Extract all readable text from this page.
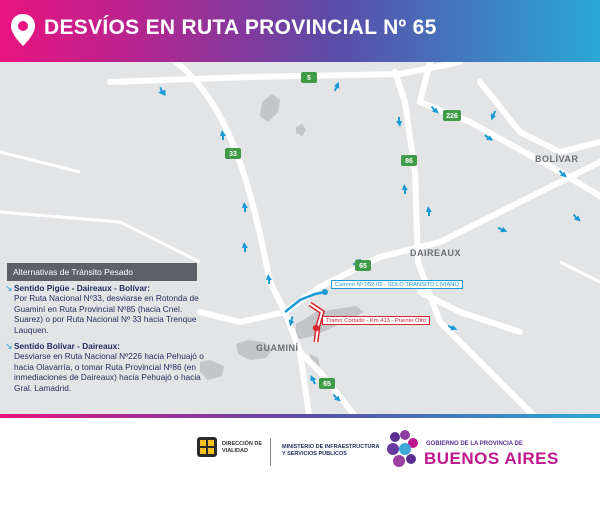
DESVÍOS EN RUTA PROVINCIAL Nº 65
5
33
86
226
65
65
BOLÍVAR
DAIREAUX
GUAMINÍ
Alternativas de Tránsito Pesado
↘ Sentido Pigüe - Daireaux - Bolívar:
Por Ruta Nacional Nº33, desviarse en Rotonda de Guaminí en Ruta Provincial Nº85 (hacia Cnel. Suarez) o por Ruta Nacional Nº 33 hacia Trenque Lauquen.
↘ Sentido Bolívar - Daireaux:
Desviarse en Ruta Nacional Nº226 hacia Pehuajó o hacia Olavarría, o tomar Ruta Provincial Nº86 (en inmediaciones de Daireaux) hacia Pehuajó o hacia Gral. Lamadrid.
Camino Nº 052-02 - SOLO TRÁNSITO LIVIANO
Tramo Cortado - Km 413 - Puente Otto
DIRECCIÓN DE
VIALIDAD
MINISTERIO DE INFRAESTRUCTURA
Y SERVICIOS PÚBLICOS
GOBIERNO DE LA PROVINCIA DE
BUENOS AIRES
